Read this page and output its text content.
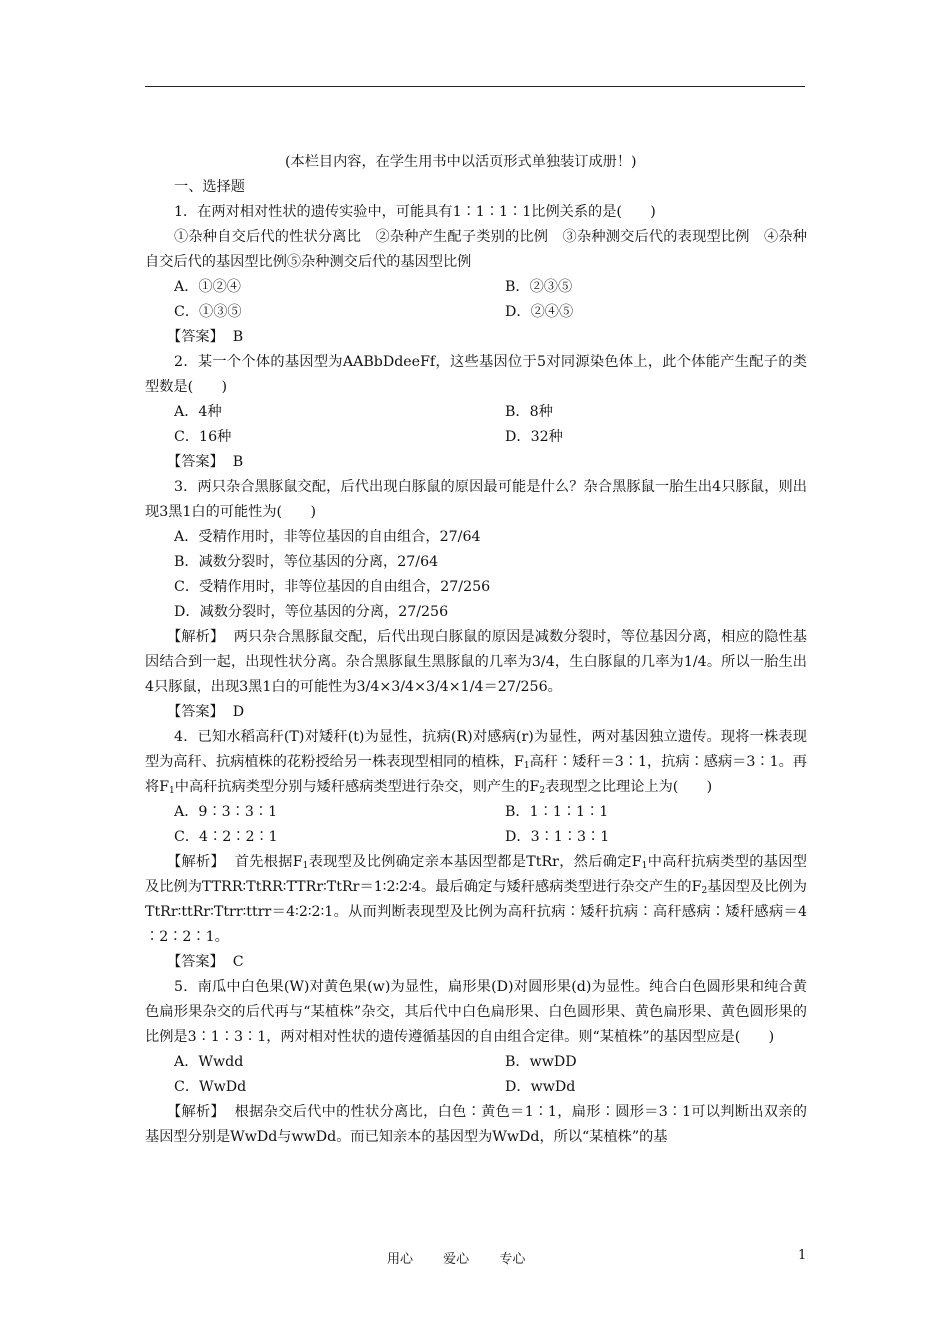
(本栏目内容，在学生用书中以活页形式单独装订成册！)
一、选择题
1．在两对相对性状的遗传实验中，可能具有1∶1∶1∶1比例关系的是(　　)
①杂种自交后代的性状分离比　②杂种产生配子类别的比例　③杂种测交后代的表现型比例　④杂种自交后代的基因型比例⑤杂种测交后代的基因型比例
A．①②④	B．②③⑤
C．①③⑤	D．②④⑤
【答案】 B
2．某一个个体的基因型为AABbDdeeFf，这些基因位于5对同源染色体上，此个体能产生配子的类型数是(　　)
A．4种	B．8种
C．16种	D．32种
【答案】 B
3．两只杂合黑豚鼠交配，后代出现白豚鼠的原因最可能是什么？杂合黑豚鼠一胎生出4只豚鼠，则出现3黑1白的可能性为(　　)
A．受精作用时，非等位基因的自由组合，27/64
B．减数分裂时，等位基因的分离，27/64
C．受精作用时，非等位基因的自由组合，27/256
D．减数分裂时，等位基因的分离，27/256
【解析】 两只杂合黑豚鼠交配，后代出现白豚鼠的原因是减数分裂时，等位基因分离，相应的隐性基因结合到一起，出现性状分离。杂合黑豚鼠生黑豚鼠的几率为3/4，生白豚鼠的几率为1/4。所以一胎生出4只豚鼠，出现3黑1白的可能性为3/4×3/4×3/4×1/4＝27/256。
【答案】 D
4．已知水稻高秆(T)对矮秆(t)为显性，抗病(R)对感病(r)为显性，两对基因独立遗传。现将一株表现型为高秆、抗病植株的花粉授给另一株表现型相同的植株，$F_1$高秆∶矮秆＝3∶1，抗病∶感病＝3∶1。再将$F_1$中高秆抗病类型分别与矮秆感病类型进行杂交，则产生的$F_2$表现型之比理论上为(　　)
A．9∶3∶3∶1	B．1∶1∶1∶1
C．4∶2∶2∶1	D．3∶1∶3∶1
【解析】 首先根据$F_1$表现型及比例确定亲本基因型都是TtRr，然后确定$F_1$中高秆抗病类型的基因型及比例为TTRR∶TtRR∶TTRr∶TtRr＝1∶2∶2∶4。最后确定与矮秆感病类型进行杂交产生的$F_2$基因型及比例为TtRr∶ttRr∶Ttrr∶ttrr＝4∶2∶2∶1。从而判断表现型及比例为高秆抗病∶矮秆抗病∶高秆感病∶矮秆感病＝4∶2∶2∶1。
【答案】 C
5．南瓜中白色果(W)对黄色果(w)为显性，扁形果(D)对圆形果(d)为显性。纯合白色圆形果和纯合黄色扁形果杂交的后代再与“某植株”杂交，其后代中白色扁形果、白色圆形果、黄色扁形果、黄色圆形果的比例是3∶1∶3∶1，两对相对性状的遗传遵循基因的自由组合定律。则“某植株”的基因型应是(　　)
A．Wwdd	B．wwDD
C．WwDd	D．wwDd
【解析】 根据杂交后代中的性状分离比，白色∶黄色＝1∶1，扁形∶圆形＝3∶1可以判断出双亲的基因型分别是WwDd与wwDd。而已知亲本的基因型为WwDd，所以“某植株”的基
用心 爱心 专心	1
